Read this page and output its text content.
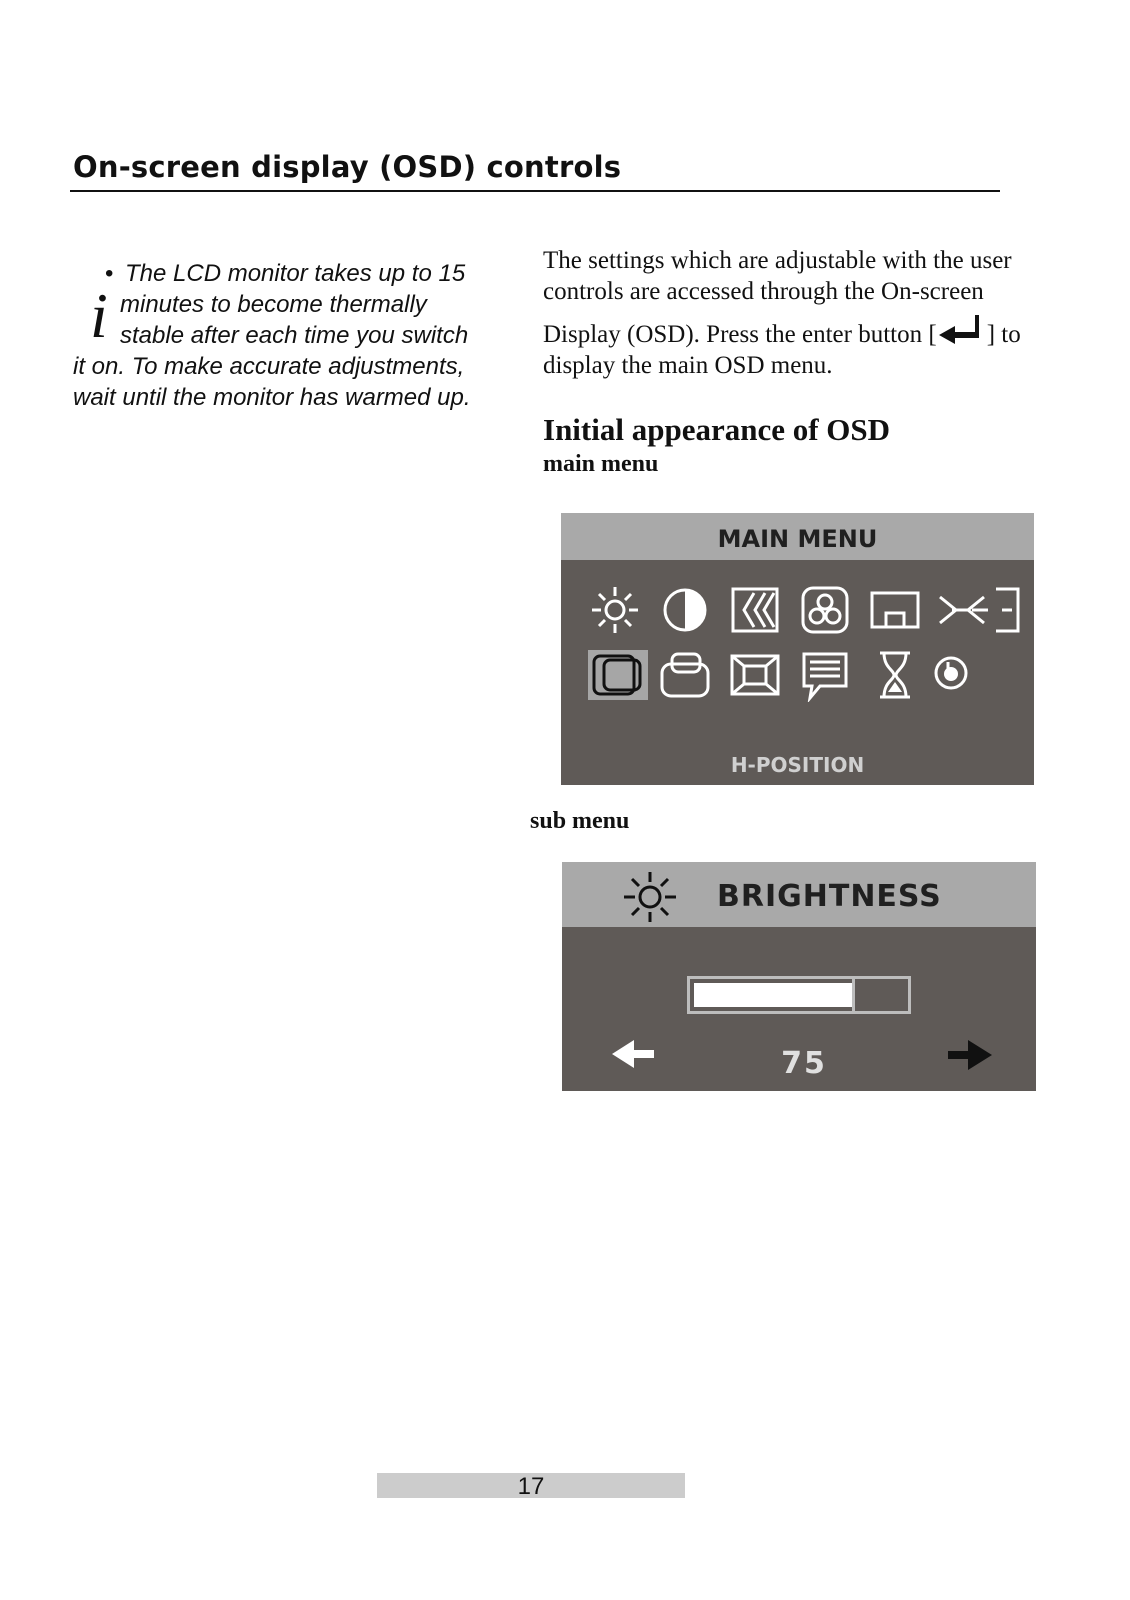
On-screen display (OSD) controls
i
• The LCD monitor takes up to 15
minutes to become thermally
stable after each time you switch
it on. To make accurate adjustments,
wait until the monitor has warmed up.
The settings which are adjustable with the user
controls are accessed through the On-screen
Display (OSD). Press the enter button [ ] to
display the main OSD menu.
Initial appearance of OSD
main menu
MAIN MENU
H-POSITION
sub menu
BRIGHTNESS
75
17
